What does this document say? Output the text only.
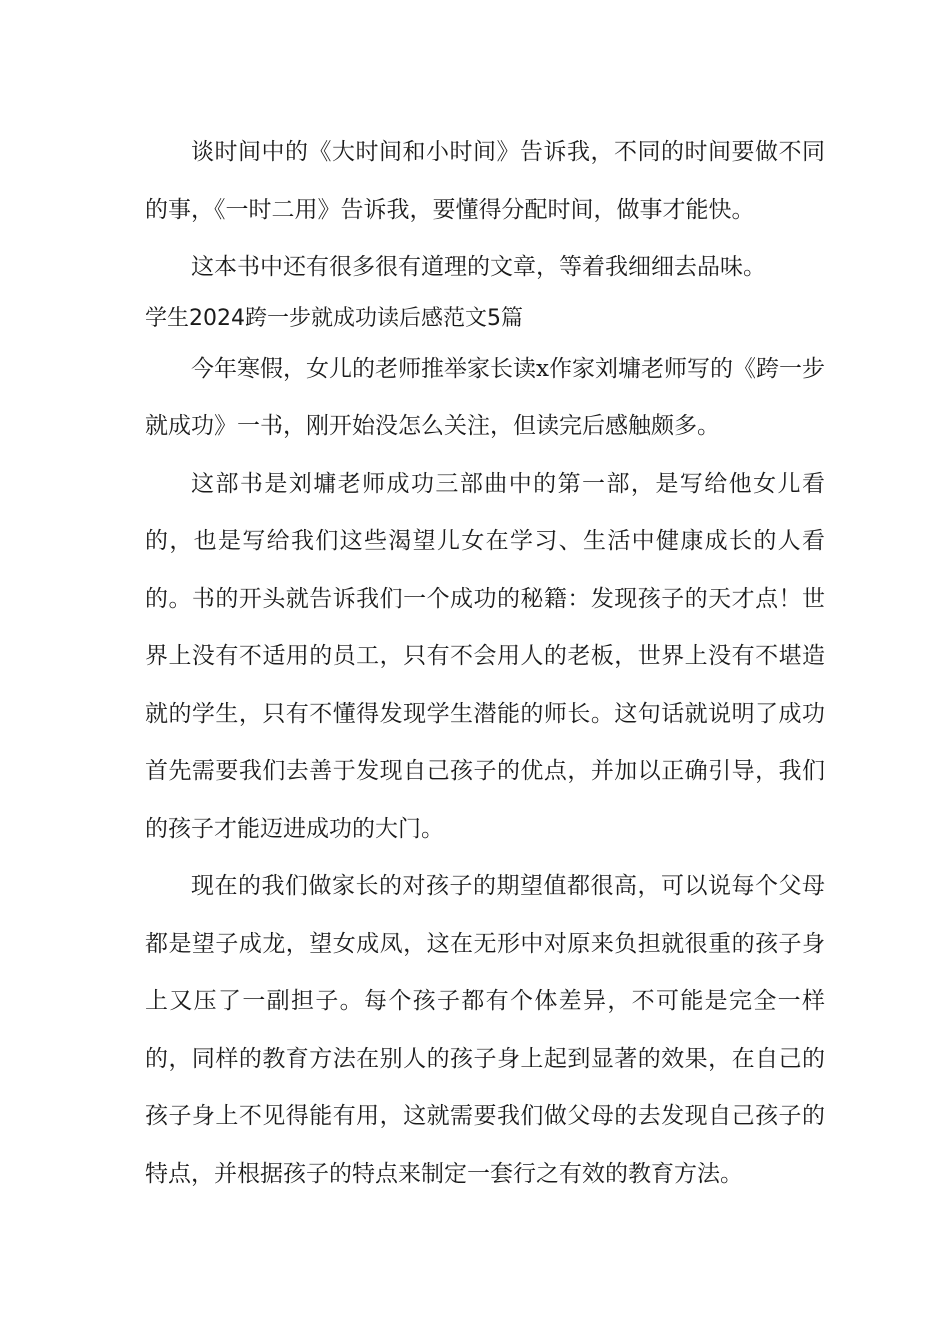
谈时间中的《大时间和小时间》告诉我，不同的时间要做不同的事，《一时二用》告诉我，要懂得分配时间，做事才能快。

这本书中还有很多很有道理的文章，等着我细细去品味。

学生2024跨一步就成功读后感范文5篇

今年寒假，女儿的老师推举家长读x作家刘墉老师写的《跨一步就成功》一书，刚开始没怎么关注，但读完后感触颇多。

这部书是刘墉老师成功三部曲中的第一部，是写给他女儿看的，也是写给我们这些渴望儿女在学习、生活中健康成长的人看的。书的开头就告诉我们一个成功的秘籍：发现孩子的天才点！世界上没有不适用的员工，只有不会用人的老板，世界上没有不堪造就的学生，只有不懂得发现学生潜能的师长。这句话就说明了成功首先需要我们去善于发现自己孩子的优点，并加以正确引导，我们的孩子才能迈进成功的大门。

现在的我们做家长的对孩子的期望值都很高，可以说每个父母都是望子成龙，望女成凤，这在无形中对原来负担就很重的孩子身上又压了一副担子。每个孩子都有个体差异，不可能是完全一样的，同样的教育方法在别人的孩子身上起到显著的效果，在自己的孩子身上不见得能有用，这就需要我们做父母的去发现自己孩子的特点，并根据孩子的特点来制定一套行之有效的教育方法。
